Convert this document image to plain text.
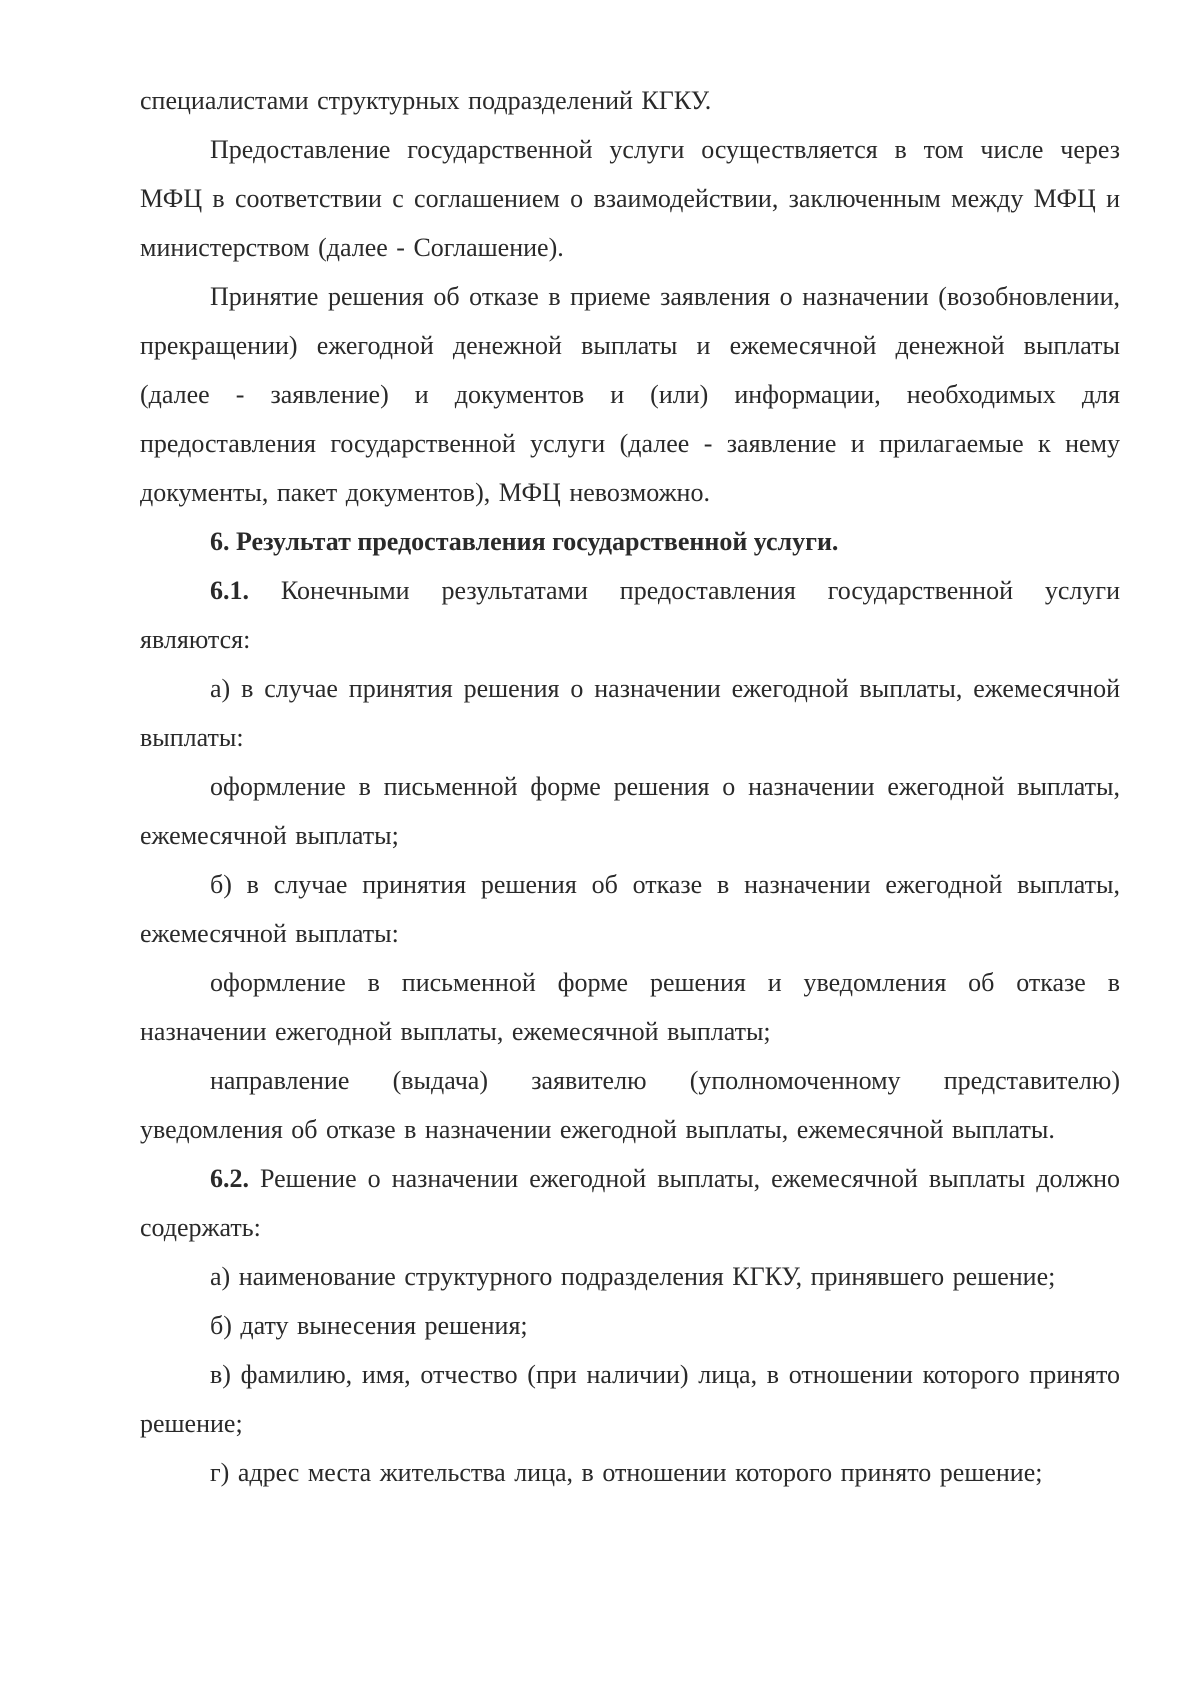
специалистами структурных подразделений КГКУ.

Предоставление государственной услуги осуществляется в том числе через МФЦ в соответствии с соглашением о взаимодействии, заключенным между МФЦ и министерством (далее - Соглашение).

Принятие решения об отказе в приеме заявления о назначении (возобновлении, прекращении) ежегодной денежной выплаты и ежемесячной денежной выплаты (далее - заявление) и документов и (или) информации, необходимых для предоставления государственной услуги (далее - заявление и прилагаемые к нему документы, пакет документов), МФЦ невозможно.

6. Результат предоставления государственной услуги.

6.1. Конечными результатами предоставления государственной услуги являются:

а) в случае принятия решения о назначении ежегодной выплаты, ежемесячной выплаты:

оформление в письменной форме решения о назначении ежегодной выплаты, ежемесячной выплаты;

б) в случае принятия решения об отказе в назначении ежегодной выплаты, ежемесячной выплаты:

оформление в письменной форме решения и уведомления об отказе в назначении ежегодной выплаты, ежемесячной выплаты;

направление (выдача) заявителю (уполномоченному представителю) уведомления об отказе в назначении ежегодной выплаты, ежемесячной выплаты.

6.2. Решение о назначении ежегодной выплаты, ежемесячной выплаты должно содержать:

а) наименование структурного подразделения КГКУ, принявшего решение;

б) дату вынесения решения;

в) фамилию, имя, отчество (при наличии) лица, в отношении которого принято решение;

г) адрес места жительства лица, в отношении которого принято решение;
